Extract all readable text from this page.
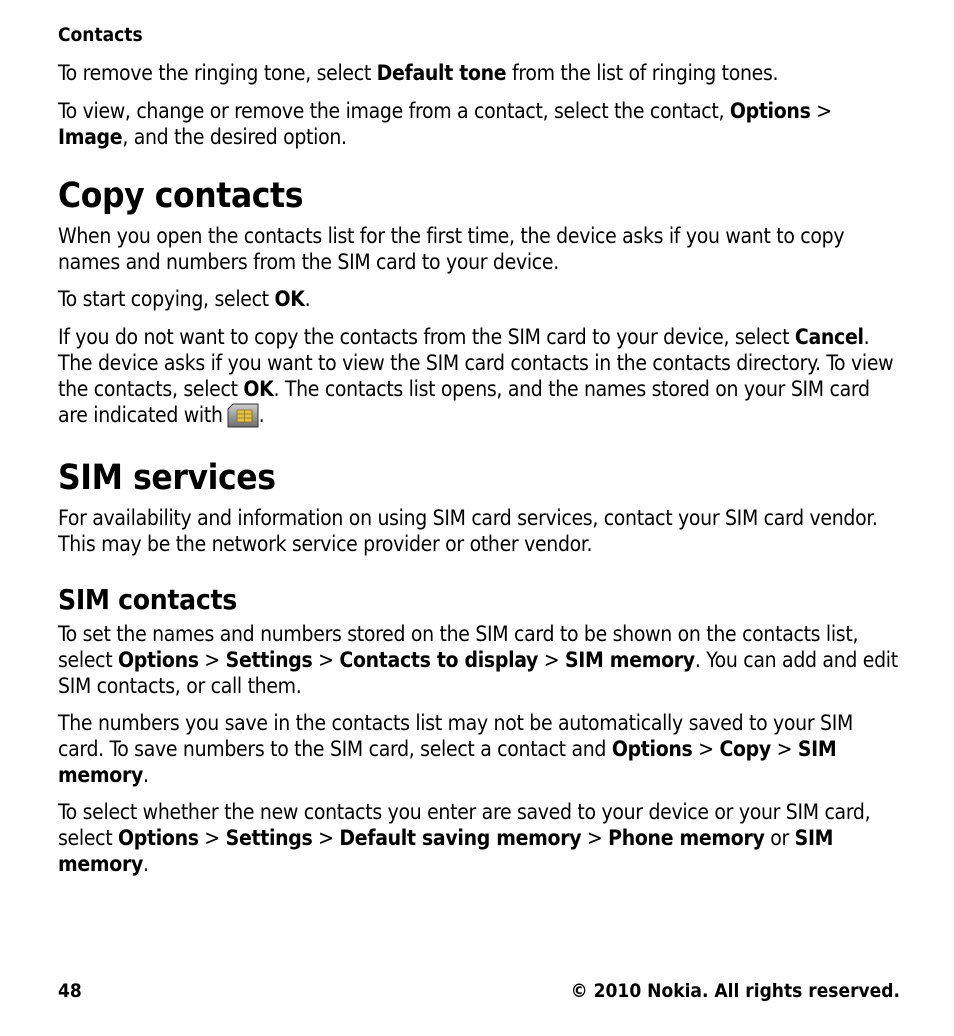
Contacts

To remove the ringing tone, select Default tone from the list of ringing tones.

To view, change or remove the image from a contact, select the contact, Options > Image, and the desired option.

Copy contacts

When you open the contacts list for the first time, the device asks if you want to copy names and numbers from the SIM card to your device.

To start copying, select OK.

If you do not want to copy the contacts from the SIM card to your device, select Cancel. The device asks if you want to view the SIM card contacts in the contacts directory. To view the contacts, select OK. The contacts list opens, and the names stored on your SIM card are indicated with .

SIM services

For availability and information on using SIM card services, contact your SIM card vendor. This may be the network service provider or other vendor.

SIM contacts

To set the names and numbers stored on the SIM card to be shown on the contacts list, select Options > Settings > Contacts to display > SIM memory. You can add and edit SIM contacts, or call them.

The numbers you save in the contacts list may not be automatically saved to your SIM card. To save numbers to the SIM card, select a contact and Options > Copy > SIM memory.

To select whether the new contacts you enter are saved to your device or your SIM card, select Options > Settings > Default saving memory > Phone memory or SIM memory.

48	© 2010 Nokia. All rights reserved.
